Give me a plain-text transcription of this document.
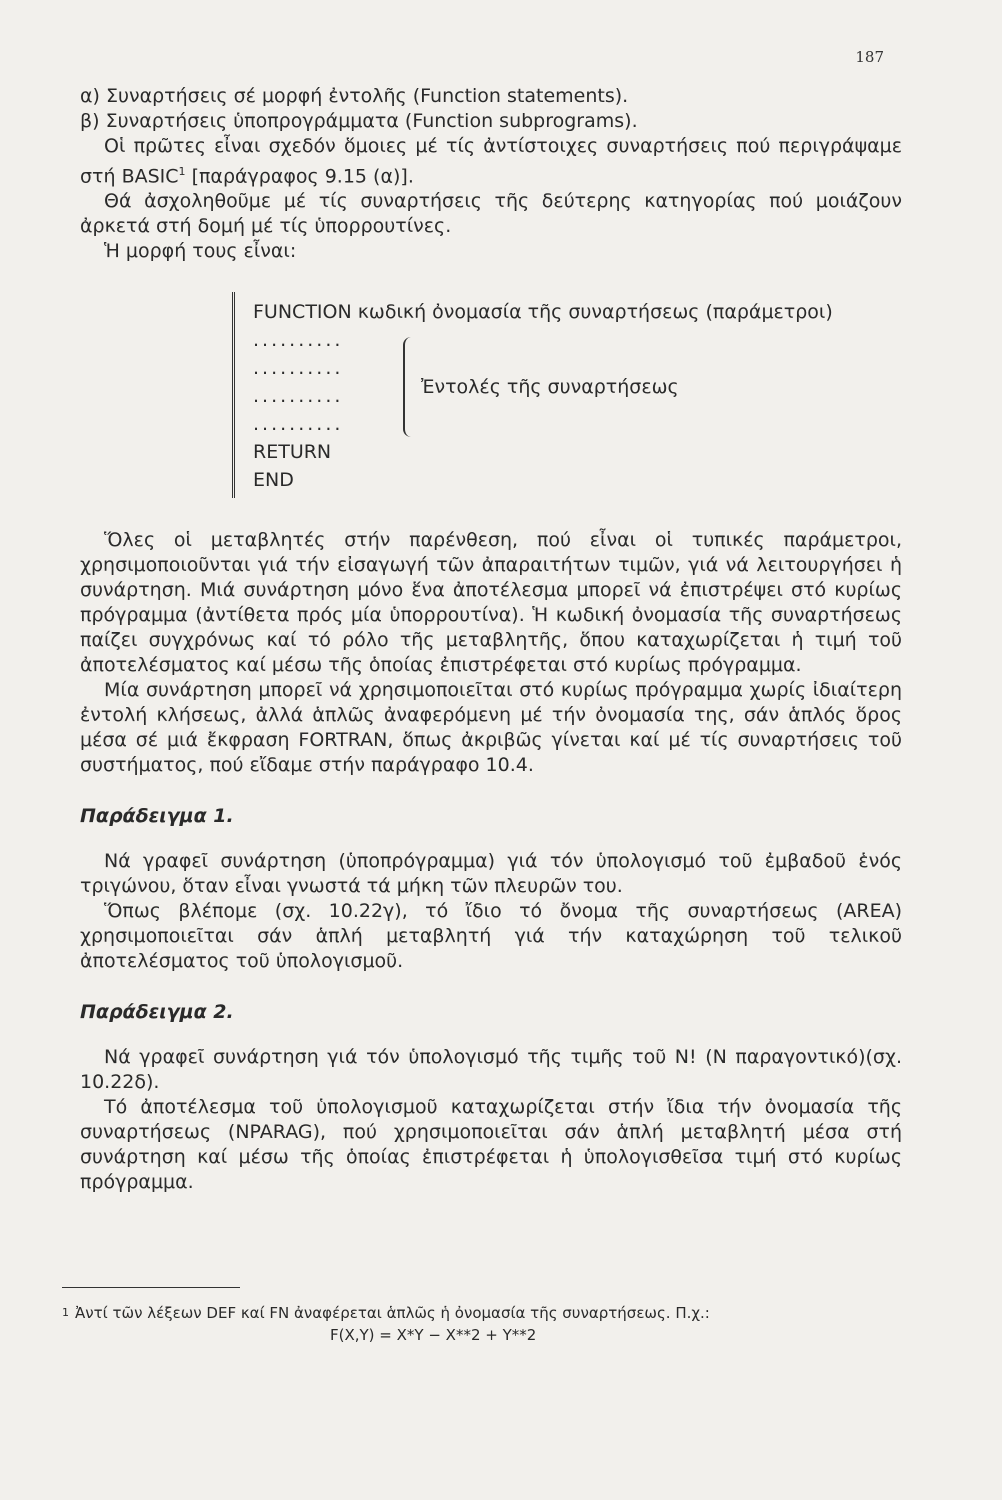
187

α) Συναρτήσεις σέ μορφή ἐντολῆς (Function statements).

β) Συναρτήσεις ὑποπρογράμματα (Function subprograms).

Οἱ πρῶτες εἶναι σχεδόν ὅμοιες μέ τίς ἀντίστοιχες συναρτήσεις πού περιγράψαμε στή BASIC$^1$ [παράγραφος 9.15 (α)].

Θά ἀσχοληθοῦμε μέ τίς συναρτήσεις τῆς δεύτερης κατηγορίας πού μοιάζουν ἀρκετά στή δομή μέ τίς ὑπορρουτίνες.

Ἡ μορφή τους εἶναι:

FUNCTION κωδική ὀνομασία τῆς συναρτήσεως (παράμετροι)
..........
..........
..........
..........
RETURN
END
Ἐντολές τῆς συναρτήσεως

Ὅλες οἱ μεταβλητές στήν παρένθεση, πού εἶναι οἱ τυπικές παράμετροι, χρησιμοποιοῦνται γιά τήν εἰσαγωγή τῶν ἀπαραιτήτων τιμῶν, γιά νά λειτουργήσει ἡ συνάρτηση. Μιά συνάρτηση μόνο ἕνα ἀποτέλεσμα μπορεῖ νά ἐπιστρέψει στό κυρίως πρόγραμμα (ἀντίθετα πρός μία ὑπορρουτίνα). Ἡ κωδική ὀνομασία τῆς συναρτήσεως παίζει συγχρόνως καί τό ρόλο τῆς μεταβλητῆς, ὅπου καταχωρίζεται ἡ τιμή τοῦ ἀποτελέσματος καί μέσω τῆς ὁποίας ἐπιστρέφεται στό κυρίως πρόγραμμα.

Μία συνάρτηση μπορεῖ νά χρησιμοποιεῖται στό κυρίως πρόγραμμα χωρίς ἰδιαίτερη ἐντολή κλήσεως, ἀλλά ἁπλῶς ἀναφερόμενη μέ τήν ὀνομασία της, σάν ἁπλός ὅρος μέσα σέ μιά ἔκφραση FORTRAN, ὅπως ἀκριβῶς γίνεται καί μέ τίς συναρτήσεις τοῦ συστήματος, πού εἴδαμε στήν παράγραφο 10.4.

Παράδειγμα 1.

Νά γραφεῖ συνάρτηση (ὑποπρόγραμμα) γιά τόν ὑπολογισμό τοῦ ἐμβαδοῦ ἑνός τριγώνου, ὅταν εἶναι γνωστά τά μήκη τῶν πλευρῶν του.

Ὅπως βλέπομε (σχ. 10.22γ), τό ἴδιο τό ὄνομα τῆς συναρτήσεως (AREA) χρησιμοποιεῖται σάν ἁπλή μεταβλητή γιά τήν καταχώρηση τοῦ τελικοῦ ἀποτελέσματος τοῦ ὑπολογισμοῦ.

Παράδειγμα 2.

Νά γραφεῖ συνάρτηση γιά τόν ὑπολογισμό τῆς τιμῆς τοῦ N! (N παραγοντικό)(σχ. 10.22δ).

Τό ἀποτέλεσμα τοῦ ὑπολογισμοῦ καταχωρίζεται στήν ἴδια τήν ὀνομασία τῆς συναρτήσεως (NPARAG), πού χρησιμοποιεῖται σάν ἁπλή μεταβλητή μέσα στή συνάρτηση καί μέσω τῆς ὁποίας ἐπιστρέφεται ἡ ὑπολογισθεῖσα τιμή στό κυρίως πρόγραμμα.

$^1$ Ἀντί τῶν λέξεων DEF καί FN ἀναφέρεται ἁπλῶς ἡ ὀνομασία τῆς συναρτήσεως. Π.χ.:
F(X,Y) = X*Y − X**2 + Y**2
